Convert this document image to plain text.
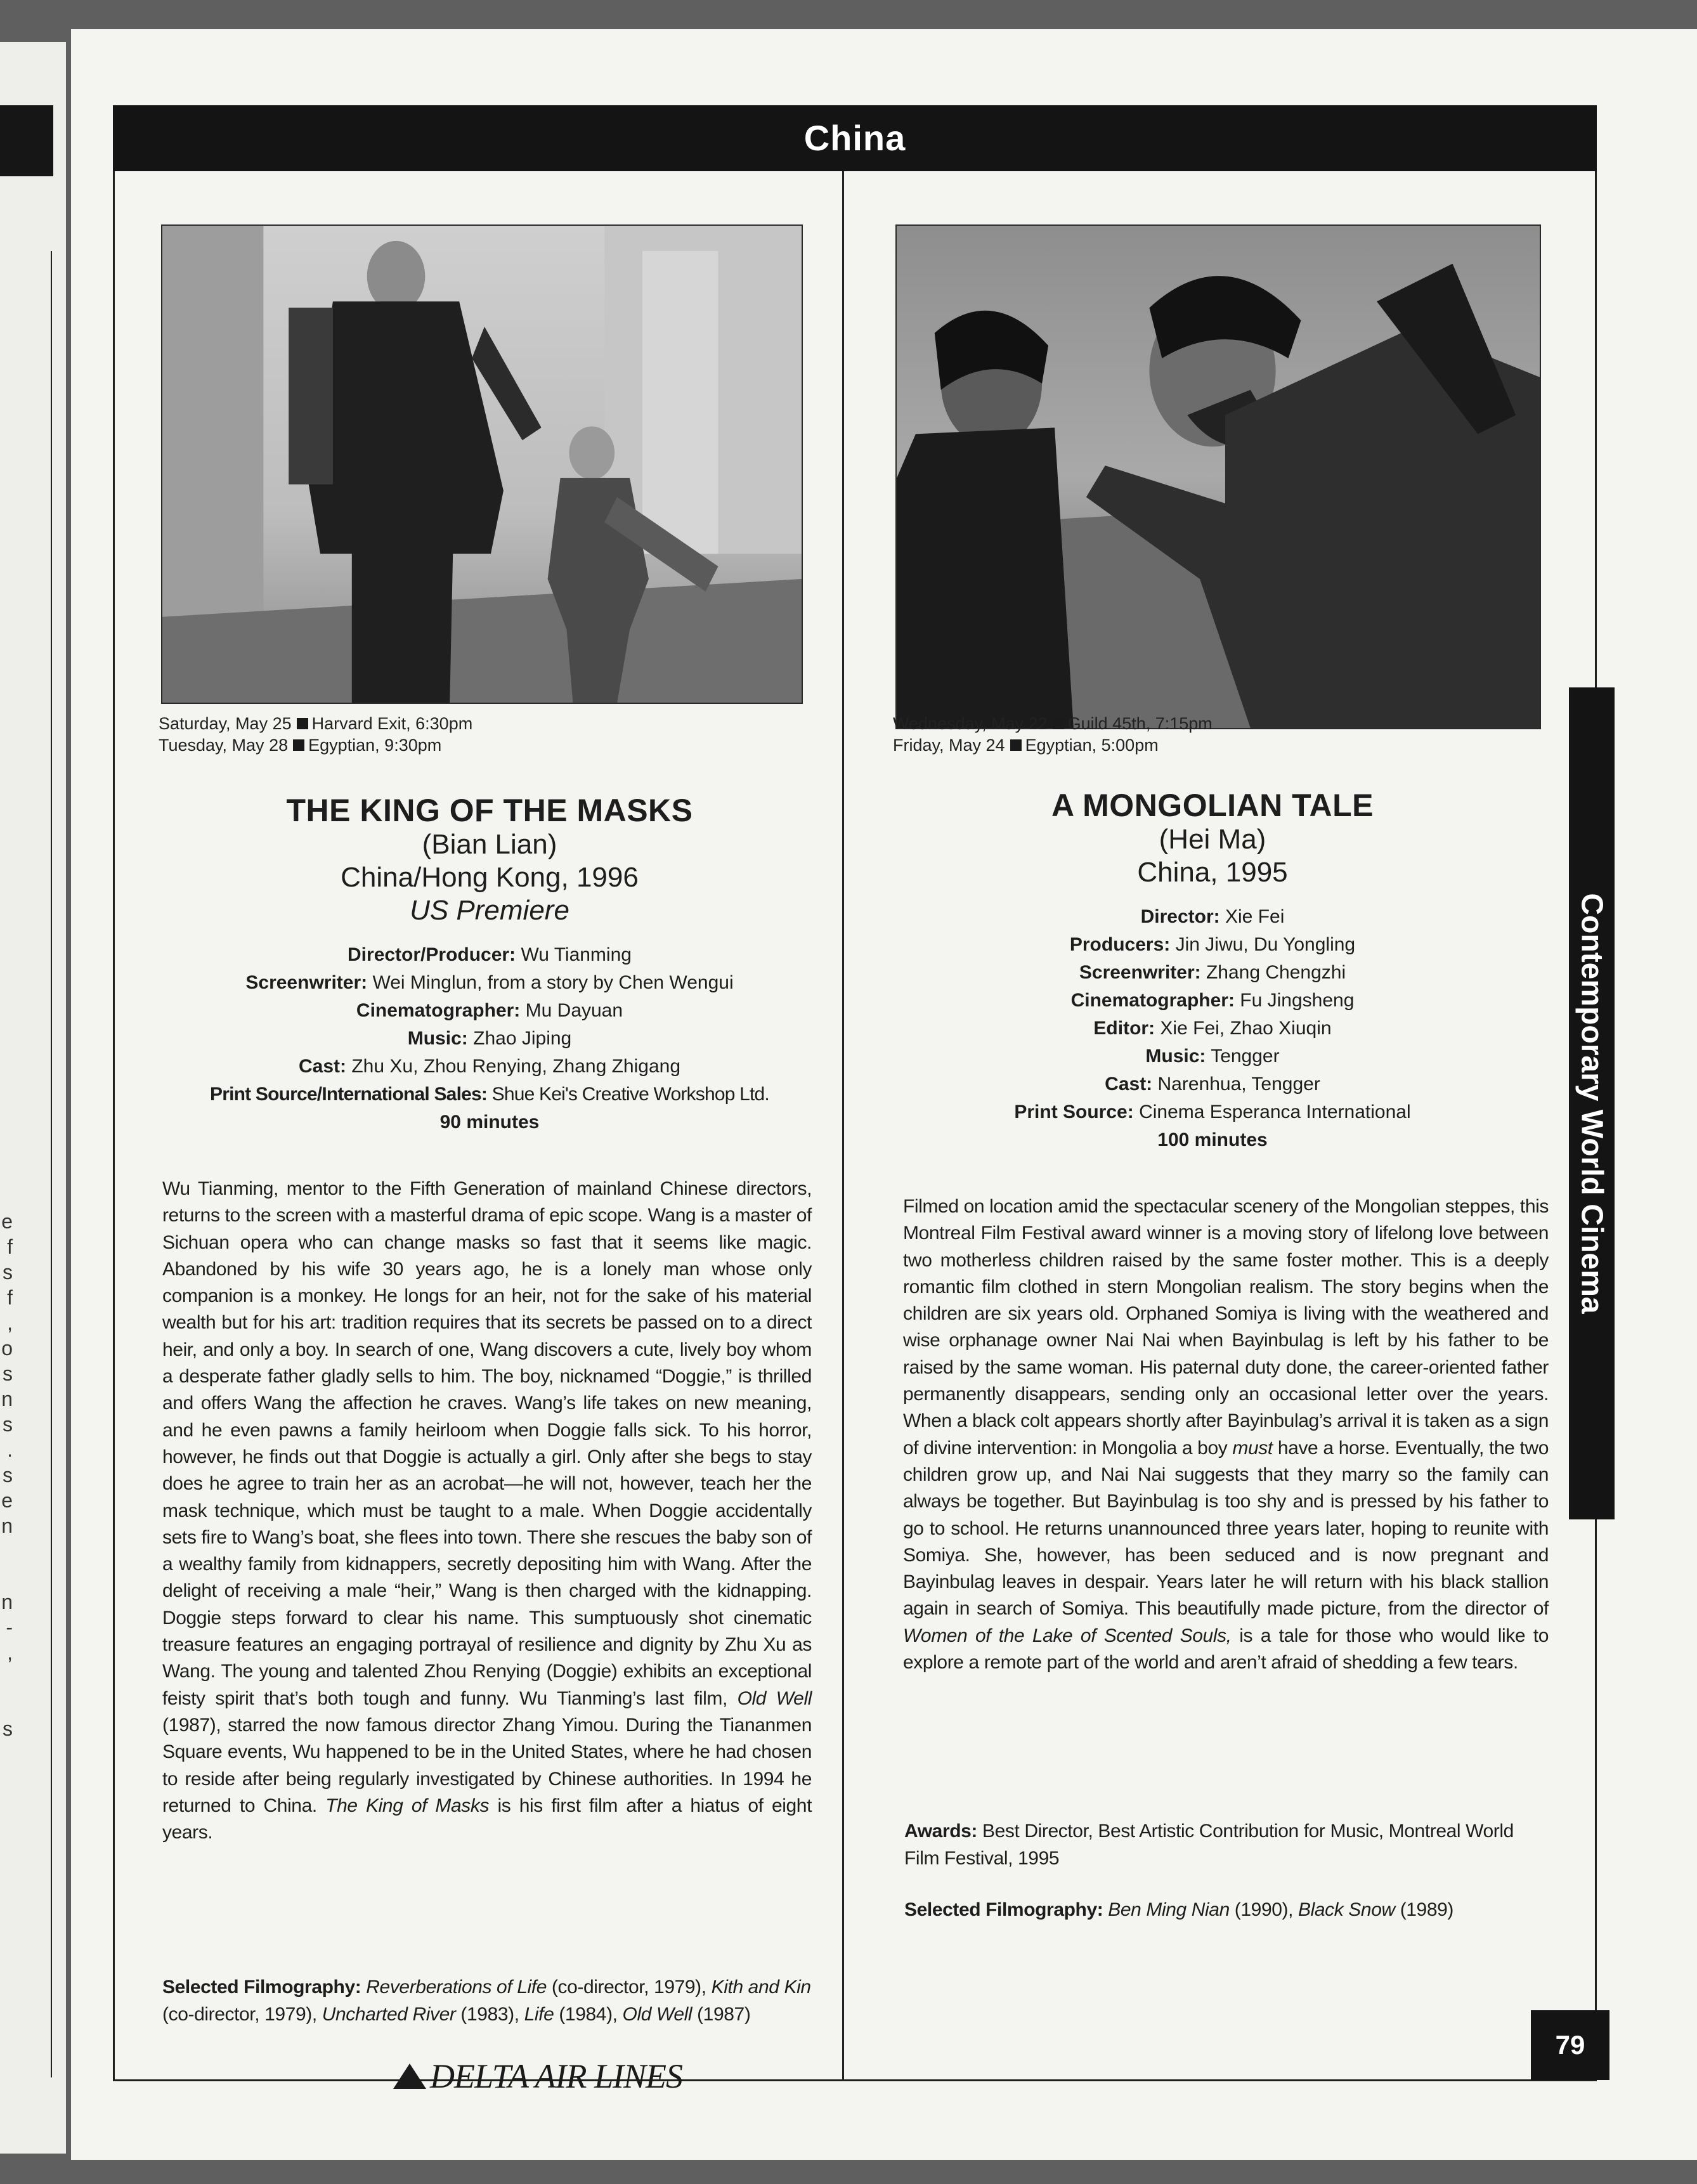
e
f
s
f
,
o
s
n
s
.
s
e
n
n
-
,
s
China
Saturday, May 25 Harvard Exit, 6:30pm
Tuesday, May 28 Egyptian, 9:30pm
THE KING OF THE MASKS
(Bian Lian)
China/Hong Kong, 1996
US Premiere
Director/Producer: Wu Tianming
Screenwriter: Wei Minglun, from a story by Chen Wengui
Cinematographer: Mu Dayuan
Music: Zhao Jiping
Cast: Zhu Xu, Zhou Renying, Zhang Zhigang
Print Source/International Sales: Shue Kei's Creative Workshop Ltd.
90 minutes
Wu Tianming, mentor to the Fifth Generation of mainland Chinese directors, returns to the screen with a masterful drama of epic scope. Wang is a master of Sichuan opera who can change masks so fast that it seems like magic. Abandoned by his wife 30 years ago, he is a lonely man whose only companion is a monkey. He longs for an heir, not for the sake of his material wealth but for his art: tradition requires that its secrets be passed on to a direct heir, and only a boy. In search of one, Wang discovers a cute, lively boy whom a desperate father gladly sells to him. The boy, nicknamed “Doggie,” is thrilled and offers Wang the affection he craves. Wang’s life takes on new meaning, and he even pawns a family heirloom when Doggie falls sick. To his horror, however, he finds out that Doggie is actually a girl. Only after she begs to stay does he agree to train her as an acrobat—he will not, however, teach her the mask technique, which must be taught to a male. When Doggie accidentally sets fire to Wang’s boat, she flees into town. There she rescues the baby son of a wealthy family from kidnappers, secretly depositing him with Wang. After the delight of receiving a male “heir,” Wang is then charged with the kidnapping. Doggie steps forward to clear his name. This sumptuously shot cinematic treasure features an engaging portrayal of resilience and dignity by Zhu Xu as Wang. The young and talented Zhou Renying (Doggie) exhibits an exceptional feisty spirit that’s both tough and funny. Wu Tianming’s last film, Old Well (1987), starred the now famous director Zhang Yimou. During the Tiananmen Square events, Wu happened to be in the United States, where he had chosen to reside after being regularly investigated by Chinese authorities. In 1994 he returned to China. The King of Masks is his first film after a hiatus of eight years.
Selected Filmography: Reverberations of Life (co-director, 1979), Kith and Kin (co-director, 1979), Uncharted River (1983), Life (1984), Old Well (1987)
DELTA AIR LINES
Wednesday, May 22 Guild 45th, 7:15pm
Friday, May 24 Egyptian, 5:00pm
A MONGOLIAN TALE
(Hei Ma)
China, 1995
Director: Xie Fei
Producers: Jin Jiwu, Du Yongling
Screenwriter: Zhang Chengzhi
Cinematographer: Fu Jingsheng
Editor: Xie Fei, Zhao Xiuqin
Music: Tengger
Cast: Narenhua, Tengger
Print Source: Cinema Esperanca International
100 minutes
Filmed on location amid the spectacular scenery of the Mongolian steppes, this Montreal Film Festival award winner is a moving story of lifelong love between two motherless children raised by the same foster mother. This is a deeply romantic film clothed in stern Mongolian realism. The story begins when the children are six years old. Orphaned Somiya is living with the weathered and wise orphanage owner Nai Nai when Bayinbulag is left by his father to be raised by the same woman. His paternal duty done, the career-oriented father permanently disappears, sending only an occasional letter over the years. When a black colt appears shortly after Bayinbulag’s arrival it is taken as a sign of divine intervention: in Mongolia a boy must have a horse. Eventually, the two children grow up, and Nai Nai suggests that they marry so the family can always be together. But Bayinbulag is too shy and is pressed by his father to go to school. He returns unannounced three years later, hoping to reunite with Somiya. She, however, has been seduced and is now pregnant and Bayinbulag leaves in despair. Years later he will return with his black stallion again in search of Somiya. This beautifully made picture, from the director of Women of the Lake of Scented Souls, is a tale for those who would like to explore a remote part of the world and aren’t afraid of shedding a few tears.
Awards: Best Director, Best Artistic Contribution for Music, Montreal World Film Festival, 1995
Selected Filmography: Ben Ming Nian (1990), Black Snow (1989)
Contemporary World Cinema
79
